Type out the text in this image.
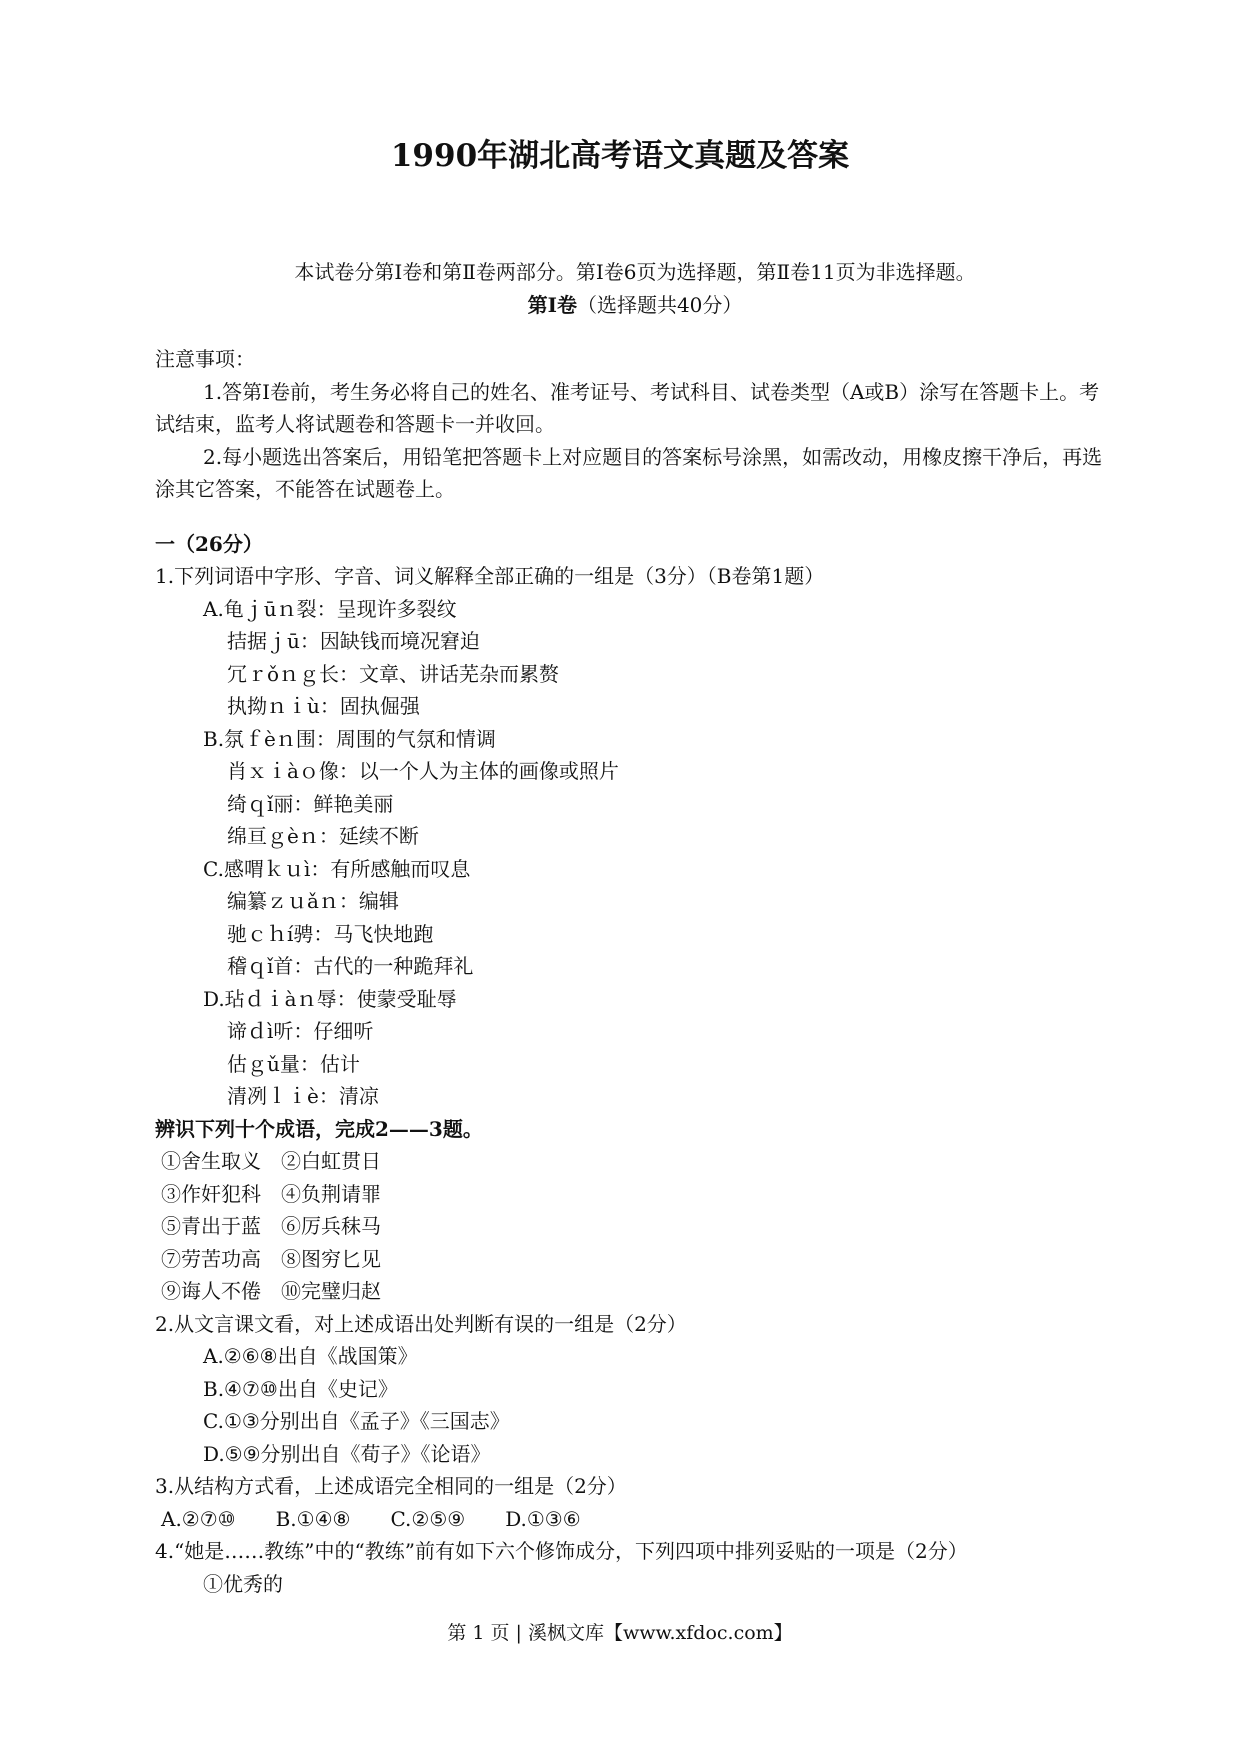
1990年湖北高考语文真题及答案
本试卷分第Ⅰ卷和第Ⅱ卷两部分。第Ⅰ卷6页为选择题，第Ⅱ卷11页为非选择题。
第Ⅰ卷（选择题共40分）
注意事项：
1.答第Ⅰ卷前，考生务必将自己的姓名、准考证号、考试科目、试卷类型（A或B）涂写在答题卡上。考试结束，监考人将试题卷和答题卡一并收回。
2.每小题选出答案后，用铅笔把答题卡上对应题目的答案标号涂黑，如需改动，用橡皮擦干净后，再选涂其它答案，不能答在试题卷上。
一（26分）
1.下列词语中字形、字音、词义解释全部正确的一组是（3分）（B卷第1题）
A.龟ｊūｎ裂：呈现许多裂纹
拮据ｊū：因缺钱而境况窘迫
冗ｒǒｎｇ长：文章、讲话芜杂而累赘
执拗ｎｉù：固执倔强
B.氛ｆèｎ围：周围的气氛和情调
肖ｘｉàｏ像：以一个人为主体的画像或照片
绮ｑǐ丽：鲜艳美丽
绵亘ｇèｎ：延续不断
C.感喟ｋｕì：有所感触而叹息
编纂ｚｕǎｎ：编辑
驰ｃｈí骋：马飞快地跑
稽ｑǐ首：古代的一种跪拜礼
D.玷ｄｉàｎ辱：使蒙受耻辱
谛ｄì听：仔细听
估ｇǔ量：估计
清冽ｌｉè：清凉
辨识下列十个成语，完成2——3题。
①舍生取义 ②白虹贯日
③作奸犯科 ④负荆请罪
⑤青出于蓝 ⑥厉兵秣马
⑦劳苦功高 ⑧图穷匕见
⑨诲人不倦 ⑩完璧归赵
2.从文言课文看，对上述成语出处判断有误的一组是（2分）
A.②⑥⑧出自《战国策》
B.④⑦⑩出自《史记》
C.①③分别出自《孟子》《三国志》
D.⑤⑨分别出自《荀子》《论语》
3.从结构方式看，上述成语完全相同的一组是（2分）
A.②⑦⑩ B.①④⑧ C.②⑤⑨ D.①③⑥
4.“她是……教练”中的“教练”前有如下六个修饰成分，下列四项中排列妥贴的一项是（2分）
①优秀的
第 1 页 | 溪枫文库【www.xfdoc.com】
